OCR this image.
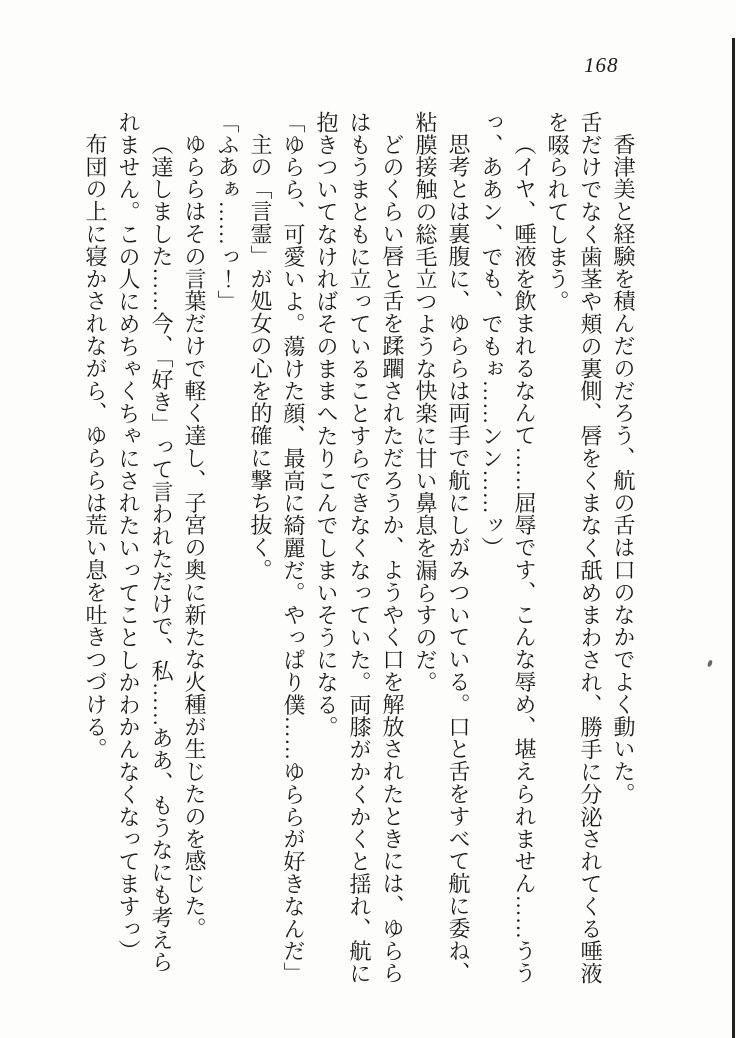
168

香津美と経験を積んだのだろう、航の舌は口のなかでよく動いた。

舌だけでなく歯茎や頬の裏側、唇をくまなく舐めまわされ、勝手に分泌されてくる唾液を啜られてしまう。

（イヤ、唾液を飲まれるなんて……屈辱です、こんな辱め、堪えられません……ううっ、ああン、でも、でもぉ……ンン……ッ）

思考とは裏腹に、ゆららは両手で航にしがみついている。口と舌をすべて航に委ね、粘膜接触の総毛立つような快楽に甘い鼻息を漏らすのだ。

どのくらい唇と舌を蹂躙されただろうか、ようやく口を解放されたときには、ゆららはもうまともに立っていることすらできなくなっていた。両膝がかくかくと揺れ、航に抱きついてなければそのままへたりこんでしまいそうになる。

「ゆらら、可愛いよ。蕩けた顔、最高に綺麗だ。やっぱり僕……ゆららが好きなんだ」

主の「言霊」が処女の心を的確に撃ち抜く。

「ふあぁ……っ！」

ゆららはその言葉だけで軽く達し、子宮の奥に新たな火種が生じたのを感じた。

（達しました……今、「好き」って言われただけで、私……ああ、もうなにも考えられません。この人にめちゃくちゃにされたいってことしかわかんなくなってますっ）

布団の上に寝かされながら、ゆららは荒い息を吐きつづける。
